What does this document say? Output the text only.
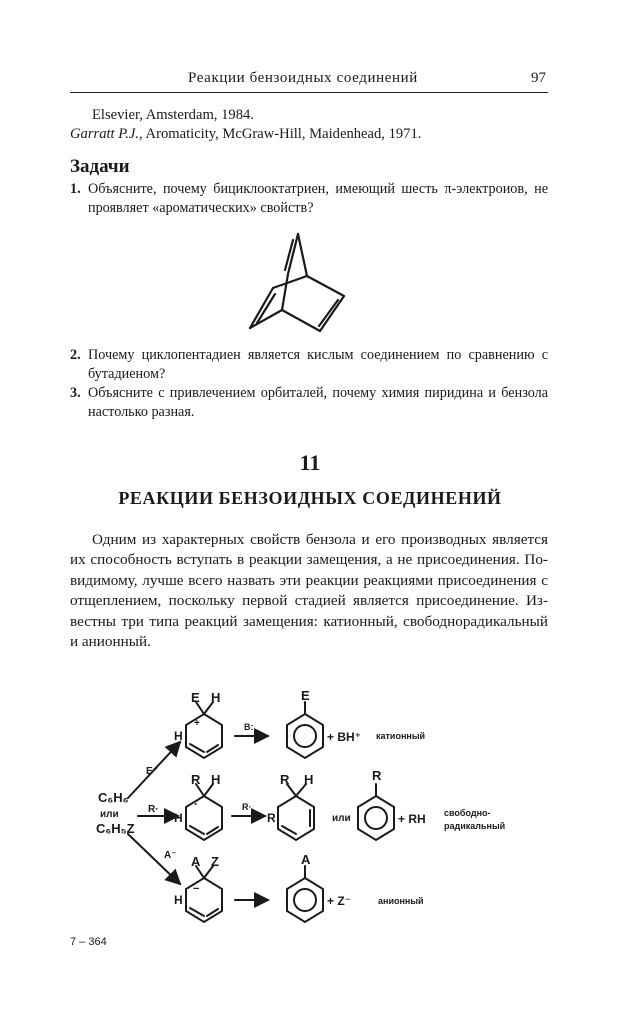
Реакции бензоидных соединений	97
Elsevier, Amsterdam, 1984.
Garratt P.J., Aromaticity, McGraw-Hill, Maidenhead, 1971.
Задачи
1. Объясните, почему бициклооктатриен, имеющий шесть π-электроиов, не проявляет «ароматических» свойств?
2. Почему циклопентадиен является кислым соединением по сравнению с бутадиеном?
3. Объясните с привлечением орбиталей, почему химия пиридина и бензола настолько разная.
11
РЕАКЦИИ БЕНЗОИДНЫХ СОЕДИНЕНИЙ
Одним из характерных свойств бензола и его производных является их способность вступать в реакции замещения, а не присоединения. По-видимому, лучше всего назвать эти реакции реакциями присоединения с отщеплением, поскольку первой стадией является присоединение. Известны три типа реакций замещения: катионный, свободнорадикальный и анионный.
C₆H₆
или
C₆H₅Z
E⁺
R·
A⁻
E H
H
+	B:
E
+ BH⁺ катионный
R H
H
·	R·
R H
R	или
R
+ RH свободно-
радикальный
A Z
H
−
A
+ Z⁻	анионный
7 – 364
